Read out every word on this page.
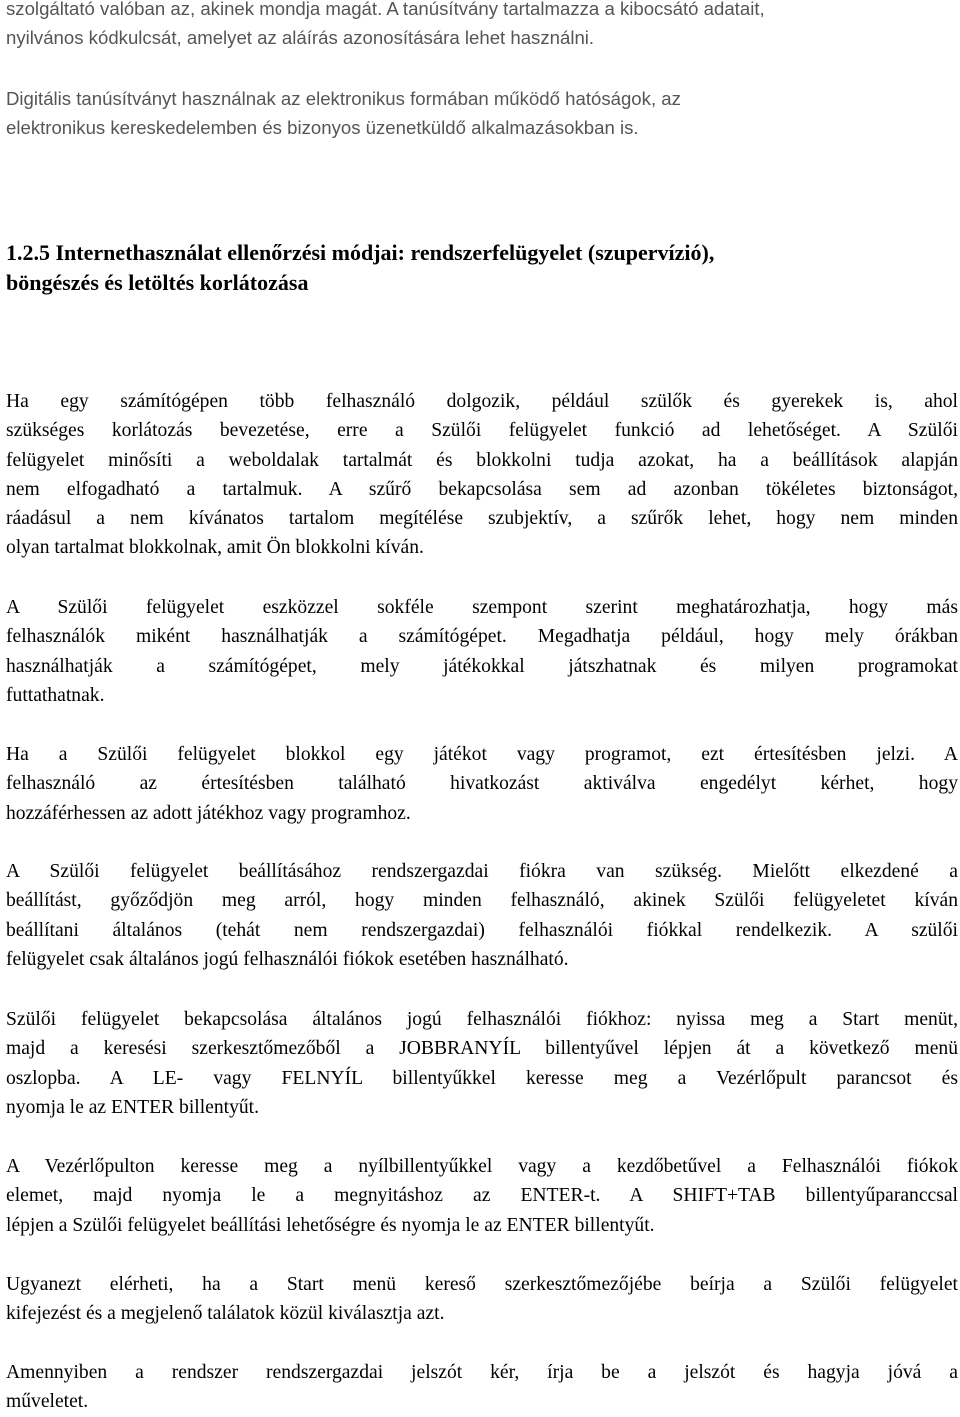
szolgáltató valóban az, akinek mondja magát. A tanúsítvány tartalmazza a kibocsátó adatait,
nyilvános kódkulcsát, amelyet az aláírás azonosítására lehet használni.

Digitális tanúsítványt használnak az elektronikus formában működő hatóságok, az
elektronikus kereskedelemben és bizonyos üzenetküldő alkalmazásokban is.

1.2.5 Internethasználat ellenőrzési módjai: rendszerfelügyelet (szupervízió),
böngészés és letöltés korlátozása

Ha egy számítógépen több felhasználó dolgozik, például szülők és gyerekek is, ahol
szükséges korlátozás bevezetése, erre a Szülői felügyelet funkció ad lehetőséget. A Szülői
felügyelet minősíti a weboldalak tartalmát és blokkolni tudja azokat, ha a beállítások alapján
nem elfogadható a tartalmuk. A szűrő bekapcsolása sem ad azonban tökéletes biztonságot,
ráadásul a nem kívánatos tartalom megítélése szubjektív, a szűrők lehet, hogy nem minden
olyan tartalmat blokkolnak, amit Ön blokkolni kíván.

A Szülői felügyelet eszközzel sokféle szempont szerint meghatározhatja, hogy más
felhasználók miként használhatják a számítógépet. Megadhatja például, hogy mely órákban
használhatják a számítógépet, mely játékokkal játszhatnak és milyen programokat
futtathatnak.

Ha a Szülői felügyelet blokkol egy játékot vagy programot, ezt értesítésben jelzi. A
felhasználó az értesítésben található hivatkozást aktiválva engedélyt kérhet, hogy
hozzáférhessen az adott játékhoz vagy programhoz.

A Szülői felügyelet beállításához rendszergazdai fiókra van szükség. Mielőtt elkezdené a
beállítást, győződjön meg arról, hogy minden felhasználó, akinek Szülői felügyeletet kíván
beállítani általános (tehát nem rendszergazdai) felhasználói fiókkal rendelkezik. A szülői
felügyelet csak általános jogú felhasználói fiókok esetében használható.

Szülői felügyelet bekapcsolása általános jogú felhasználói fiókhoz: nyissa meg a Start menüt,
majd a keresési szerkesztőmezőből a JOBBRANYÍL billentyűvel lépjen át a következő menü
oszlopba. A LE- vagy FELNYÍL billentyűkkel keresse meg a Vezérlőpult parancsot és
nyomja le az ENTER billentyűt.

A Vezérlőpulton keresse meg a nyílbillentyűkkel vagy a kezdőbetűvel a Felhasználói fiókok
elemet, majd nyomja le a megnyitáshoz az ENTER-t. A SHIFT+TAB billentyűparanccsal
lépjen a Szülői felügyelet beállítási lehetőségre és nyomja le az ENTER billentyűt.

Ugyanezt elérheti, ha a Start menü kereső szerkesztőmezőjébe beírja a Szülői felügyelet
kifejezést és a megjelenő találatok közül kiválasztja azt.

Amennyiben a rendszer rendszergazdai jelszót kér, írja be a jelszót és hagyja jóvá a
műveletet.
